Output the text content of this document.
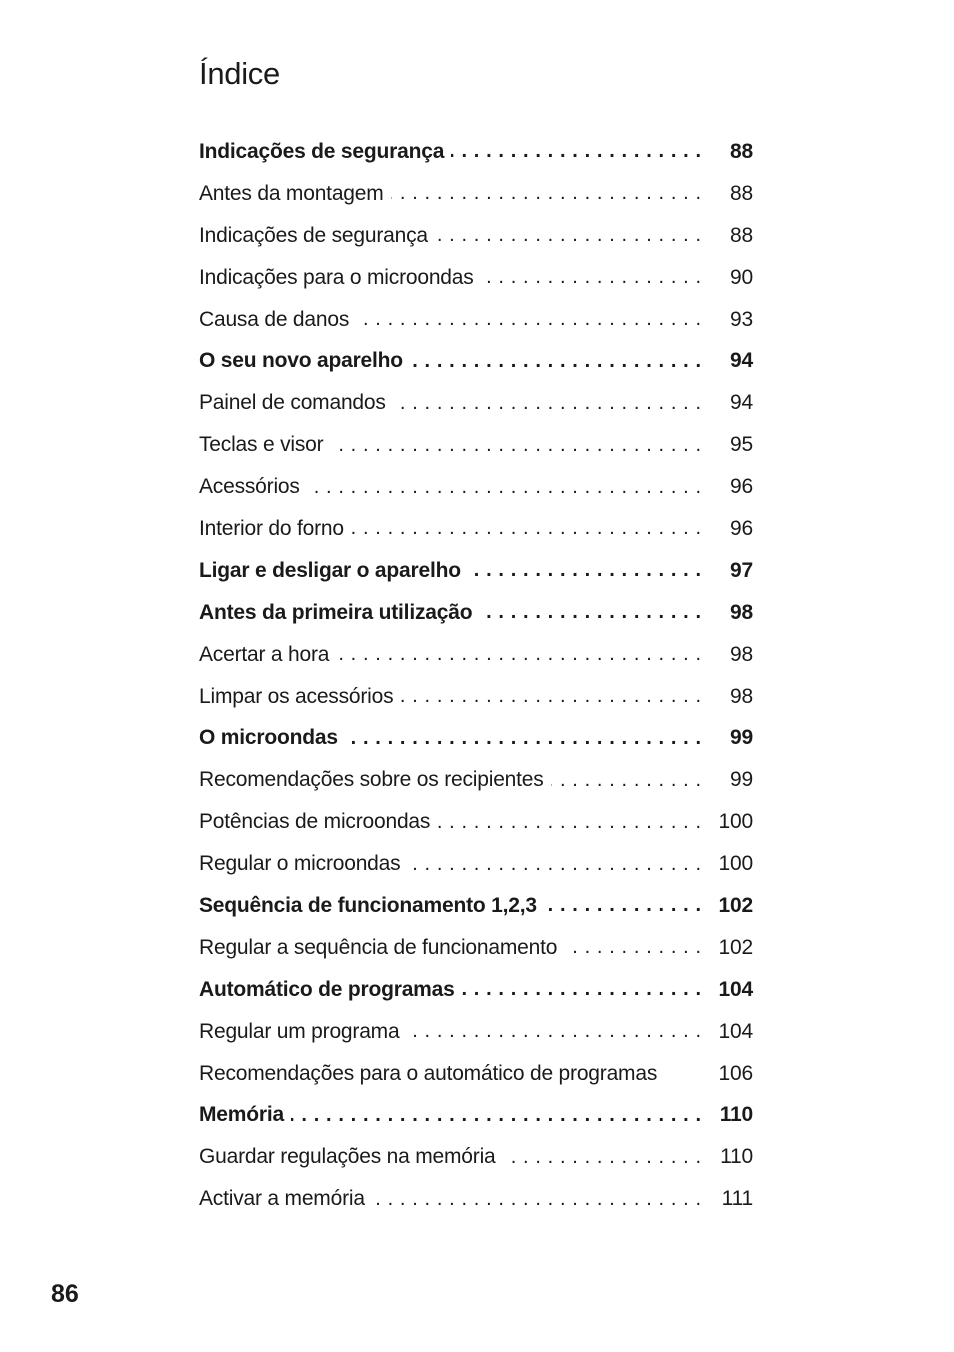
Índice
Indicações de segurança . . .	88
Antes da montagem . . .	88
Indicações de segurança . . .	88
Indicações para o microondas . . .	90
Causa de danos . . .	93
O seu novo aparelho . . .	94
Painel de comandos . . .	94
Teclas e visor . . .	95
Acessórios . . .	96
Interior do forno . . .	96
Ligar e desligar o aparelho . . .	97
Antes da primeira utilização . . .	98
Acertar a hora . . .	98
Limpar os acessórios . . .	98
O microondas . . .	99
Recomendações sobre os recipientes . . .	99
Potências de microondas . . .	100
Regular o microondas . . .	100
Sequência de funcionamento 1,2,3 . . .	102
Regular a sequência de funcionamento . . .	102
Automático de programas . . .	104
Regular um programa . . .	104
Recomendações para o automático de programas	106
Memória . . .	110
Guardar regulações na memória . . .	110
Activar a memória . . .	111
86
